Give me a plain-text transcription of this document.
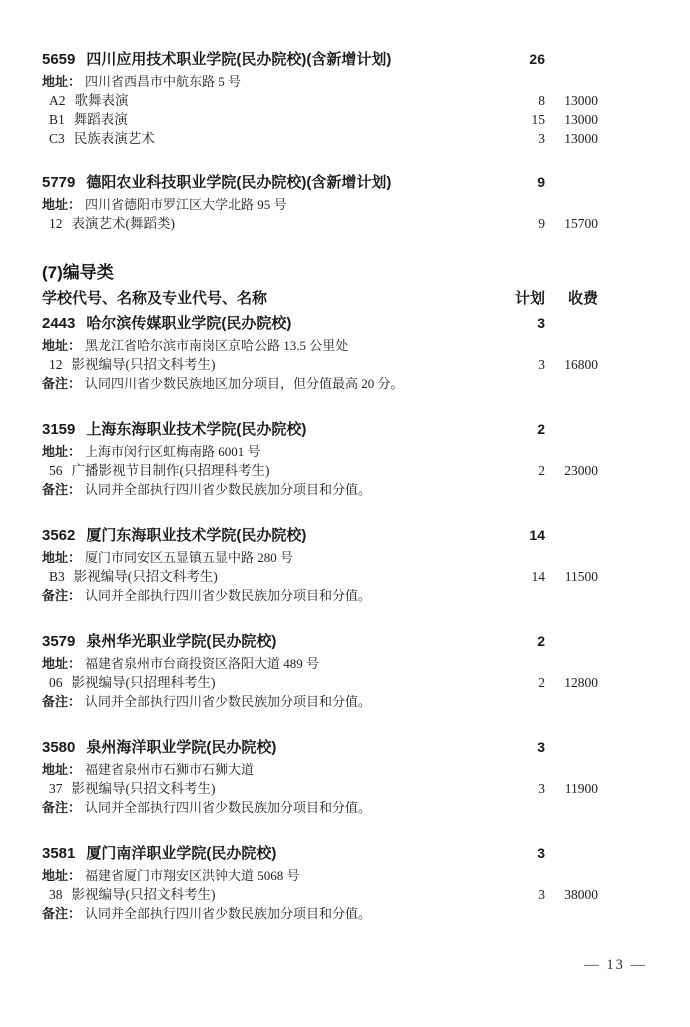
5659 四川应用技术职业学院(民办院校)(含新增计划)	26
地址： 四川省西昌市中航东路 5 号
A2 歌舞表演	8	13000
B1 舞蹈表演	15	13000
C3 民族表演艺术	3	13000
5779 德阳农业科技职业学院(民办院校)(含新增计划)	9
地址： 四川省德阳市罗江区大学北路 95 号
12 表演艺术(舞蹈类)	9	15700
(7)编导类
学校代号、名称及专业代号、名称	计划	收费
2443 哈尔滨传媒职业学院(民办院校)	3
地址： 黑龙江省哈尔滨市南岗区京哈公路 13.5 公里处
12 影视编导(只招文科考生)	3	16800
备注： 认同四川省少数民族地区加分项目，但分值最高 20 分。
3159 上海东海职业技术学院(民办院校)	2
地址： 上海市闵行区虹梅南路 6001 号
56 广播影视节目制作(只招理科考生)	2	23000
备注： 认同并全部执行四川省少数民族加分项目和分值。
3562 厦门东海职业技术学院(民办院校)	14
地址： 厦门市同安区五显镇五显中路 280 号
B3 影视编导(只招文科考生)	14	11500
备注： 认同并全部执行四川省少数民族加分项目和分值。
3579 泉州华光职业学院(民办院校)	2
地址： 福建省泉州市台商投资区洛阳大道 489 号
06 影视编导(只招理科考生)	2	12800
备注： 认同并全部执行四川省少数民族加分项目和分值。
3580 泉州海洋职业学院(民办院校)	3
地址： 福建省泉州市石狮市石狮大道
37 影视编导(只招文科考生)	3	11900
备注： 认同并全部执行四川省少数民族加分项目和分值。
3581 厦门南洋职业学院(民办院校)	3
地址： 福建省厦门市翔安区洪钟大道 5068 号
38 影视编导(只招文科考生)	3	38000
备注： 认同并全部执行四川省少数民族加分项目和分值。
— 13 —
